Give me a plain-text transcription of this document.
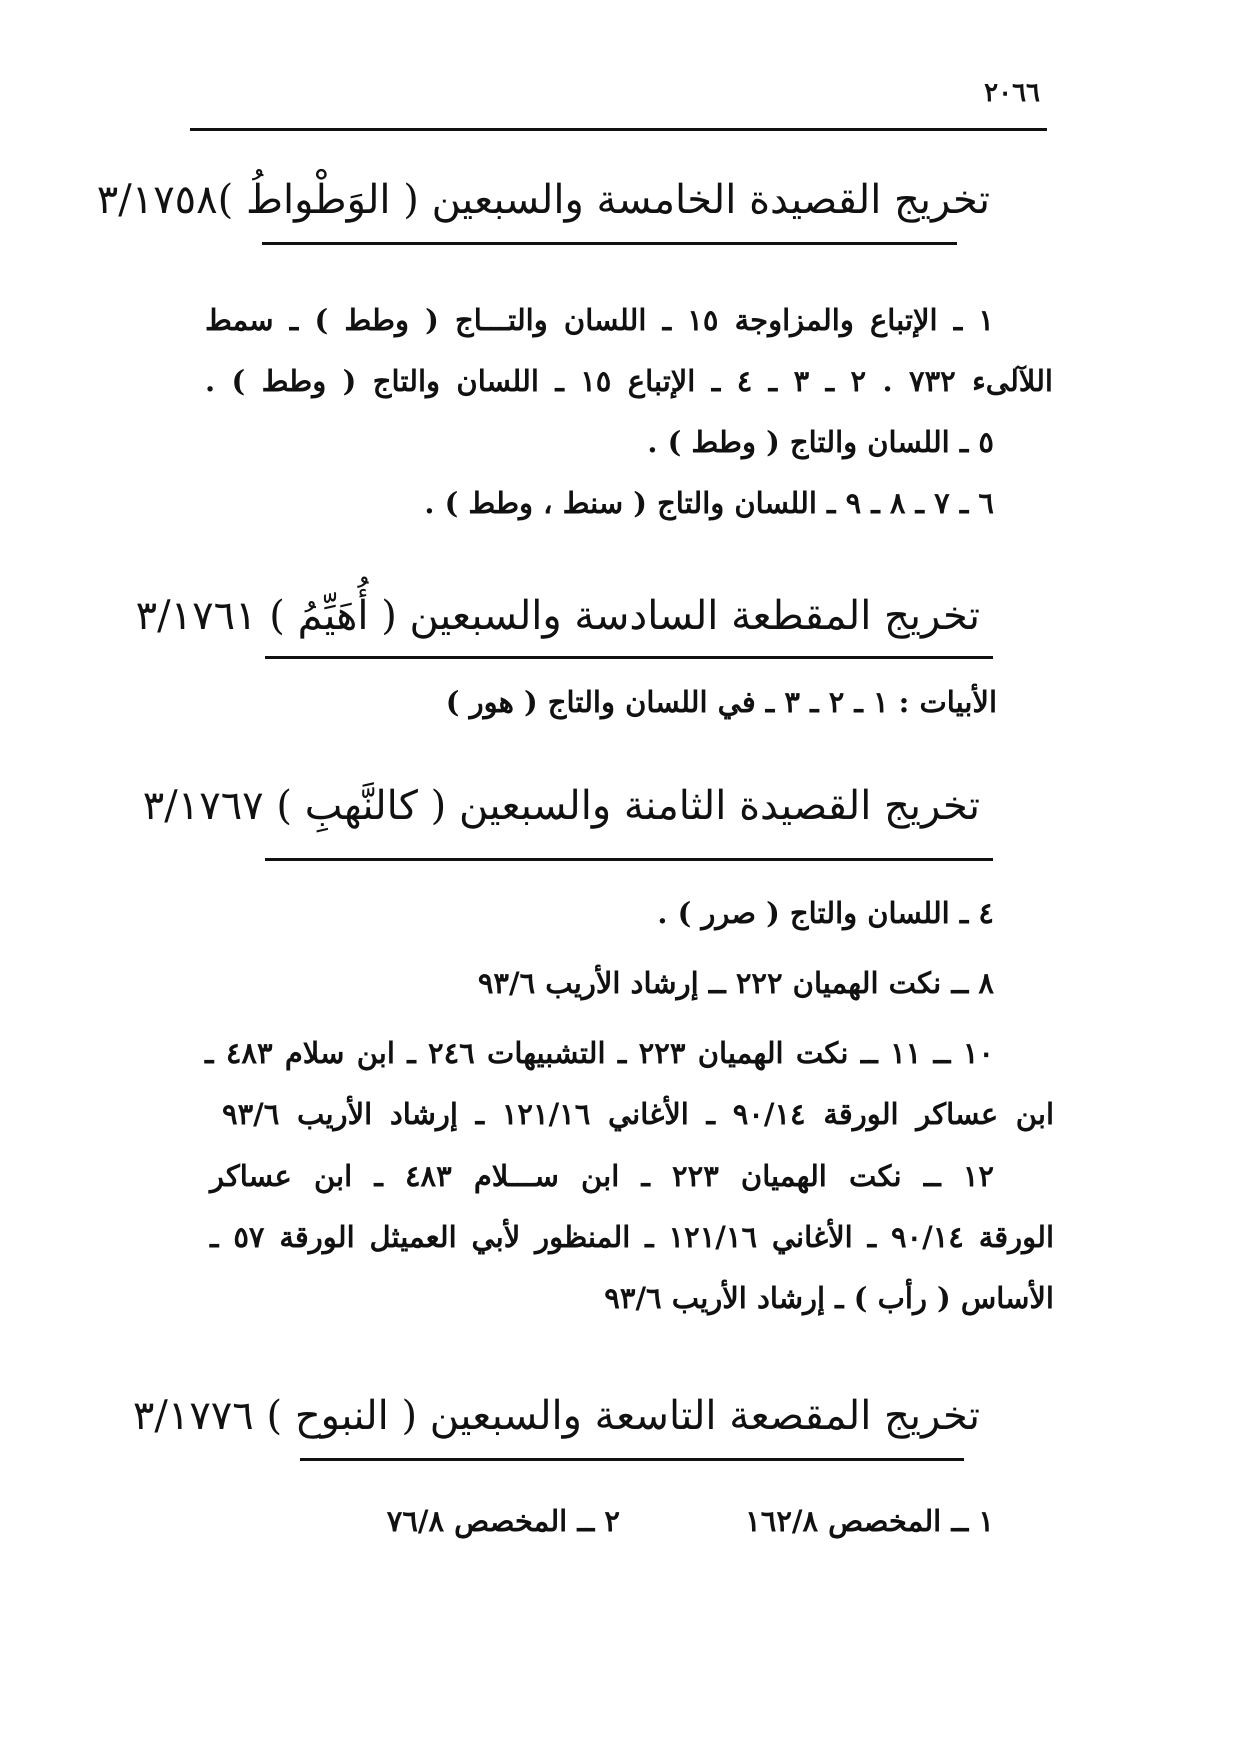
٢٠٦٦
تخريج القصيدة الخامسة والسبعين ( الوَطْواطُ )٣/١٧٥٨
١ ـ الإتباع والمزاوجة ١٥ ـ اللسان والتـــاج ( وطط ) ـ سمط
اللآلىء ٧٣٢ . ٢ ـ ٣ ـ ٤ ـ الإتباع ١٥ ـ اللسان والتاج ( وطط ) .
٥ ـ اللسان والتاج ( وطط ) .
٦ ـ ٧ ـ ٨ ـ ٩ ـ اللسان والتاج ( سنط ، وطط ) .
تخريج المقطعة السادسة والسبعين ( أُهَيِّمُ ) ٣/١٧٦١
الأبيات : ١ ـ ٢ ـ ٣ ـ في اللسان والتاج ( هور )
تخريج القصيدة الثامنة والسبعين ( كالنَّهبِ ) ٣/١٧٦٧
٤ ـ اللسان والتاج ( صرر ) .
٨ ــ نكت الهميان ٢٢٢ ــ إرشاد الأريب ٩٣/٦
١٠ ــ ١١ ــ نكت الهميان ٢٢٣ ـ التشبيهات ٢٤٦ ـ ابن سلام ٤٨٣ ـ
ابن عساكر الورقة ٩٠/١٤ ـ الأغاني ١٢١/١٦ ـ إرشاد الأريب ٩٣/٦
١٢ ــ نكت الهميان ٢٢٣ ـ ابن ســـلام ٤٨٣ ـ ابن عساكر
الورقة ٩٠/١٤ ـ الأغاني ١٢١/١٦ ـ المنظور لأبي العميثل الورقة ٥٧ ـ
الأساس ( رأب ) ـ إرشاد الأريب ٩٣/٦
تخريج المقصعة التاسعة والسبعين ( النبوح ) ٣/١٧٧٦
١ ــ المخصص ١٦٢/٨
٢ ــ المخصص ٧٦/٨
